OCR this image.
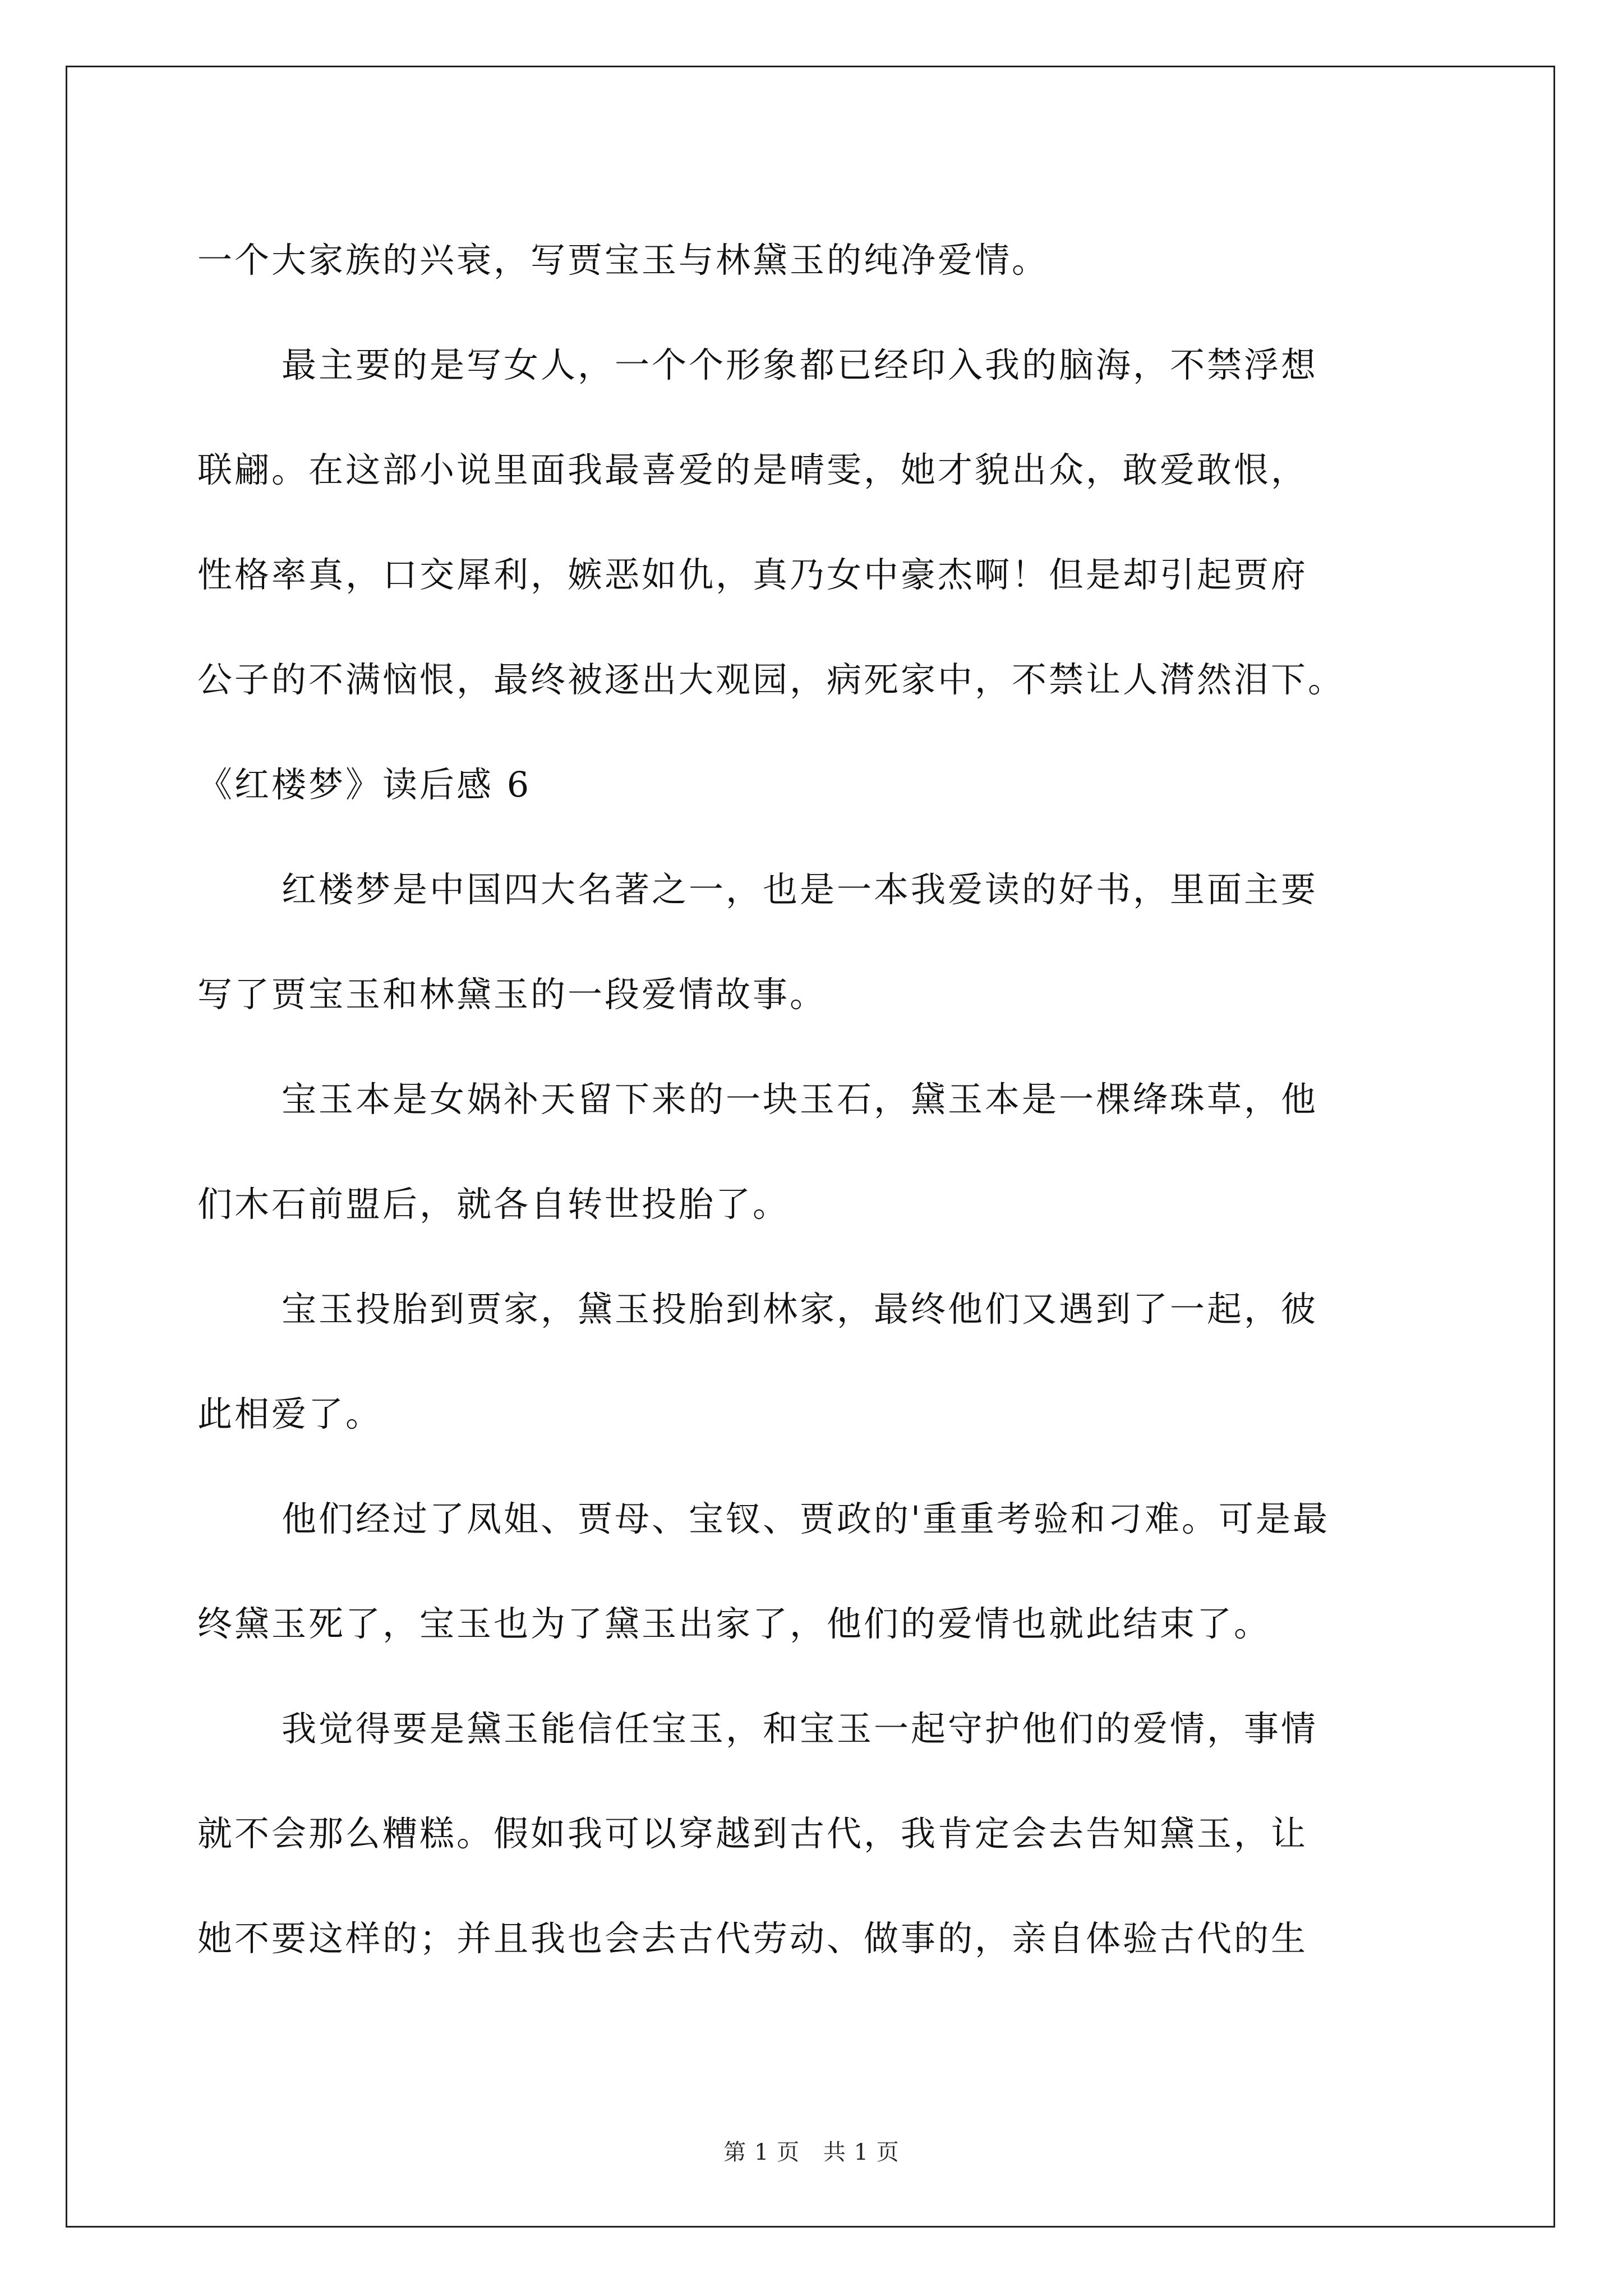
一个大家族的兴衰，写贾宝玉与林黛玉的纯净爱情。
最主要的是写女人，一个个形象都已经印入我的脑海，不禁浮想
联翩。在这部小说里面我最喜爱的是晴雯，她才貌出众，敢爱敢恨，
性格率真，口交犀利，嫉恶如仇，真乃女中豪杰啊！但是却引起贾府
公子的不满恼恨，最终被逐出大观园，病死家中，不禁让人潸然泪下。
《红楼梦》读后感 6
红楼梦是中国四大名著之一，也是一本我爱读的好书，里面主要
写了贾宝玉和林黛玉的一段爱情故事。
宝玉本是女娲补天留下来的一块玉石，黛玉本是一棵绛珠草，他
们木石前盟后，就各自转世投胎了。
宝玉投胎到贾家，黛玉投胎到林家，最终他们又遇到了一起，彼
此相爱了。
他们经过了凤姐、贾母、宝钗、贾政的'重重考验和刁难。可是最
终黛玉死了，宝玉也为了黛玉出家了，他们的爱情也就此结束了。
我觉得要是黛玉能信任宝玉，和宝玉一起守护他们的爱情，事情
就不会那么糟糕。假如我可以穿越到古代，我肯定会去告知黛玉，让
她不要这样的；并且我也会去古代劳动、做事的，亲自体验古代的生
第 1 页 共 1 页
